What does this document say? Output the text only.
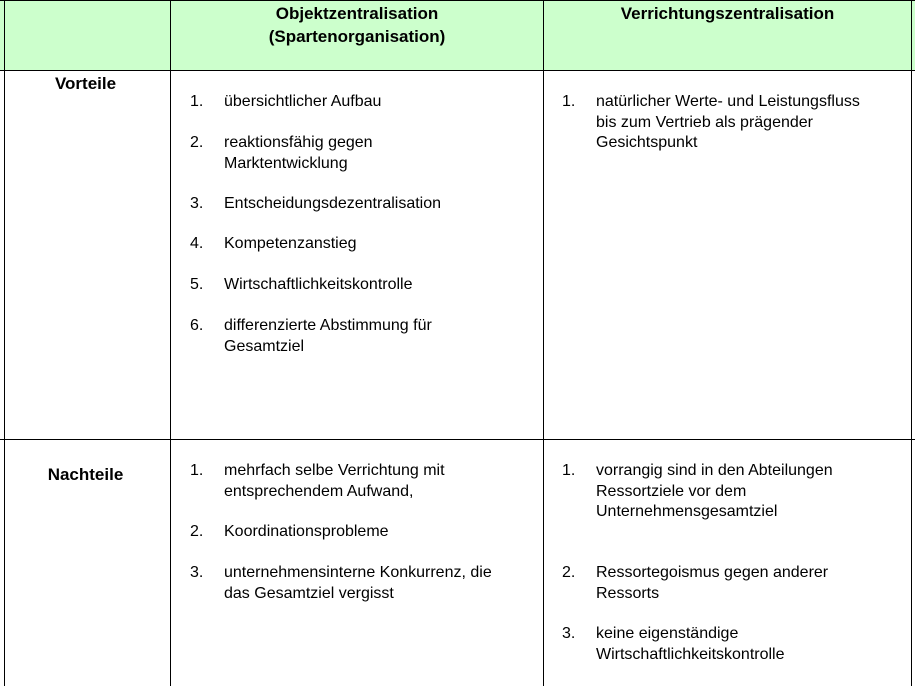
Objektzentralisation
(Spartenorganisation)
Verrichtungszentralisation
Vorteile
Nachteile
1. übersichtlicher Aufbau
2. reaktionsfähig gegen
Marktentwicklung
3. Entscheidungsdezentralisation
4. Kompetenzanstieg
5. Wirtschaftlichkeitskontrolle
6. differenzierte Abstimmung für
Gesamtziel
1. natürlicher Werte- und Leistungsfluss
bis zum Vertrieb als prägender
Gesichtspunkt
1. mehrfach selbe Verrichtung mit
entsprechendem Aufwand,
2. Koordinationsprobleme
3. unternehmensinterne Konkurrenz, die
das Gesamtziel vergisst
1. vorrangig sind in den Abteilungen
Ressortziele vor dem
Unternehmensgesamtziel
2. Ressortegoismus gegen anderer
Ressorts
3. keine eigenständige
Wirtschaftlichkeitskontrolle
